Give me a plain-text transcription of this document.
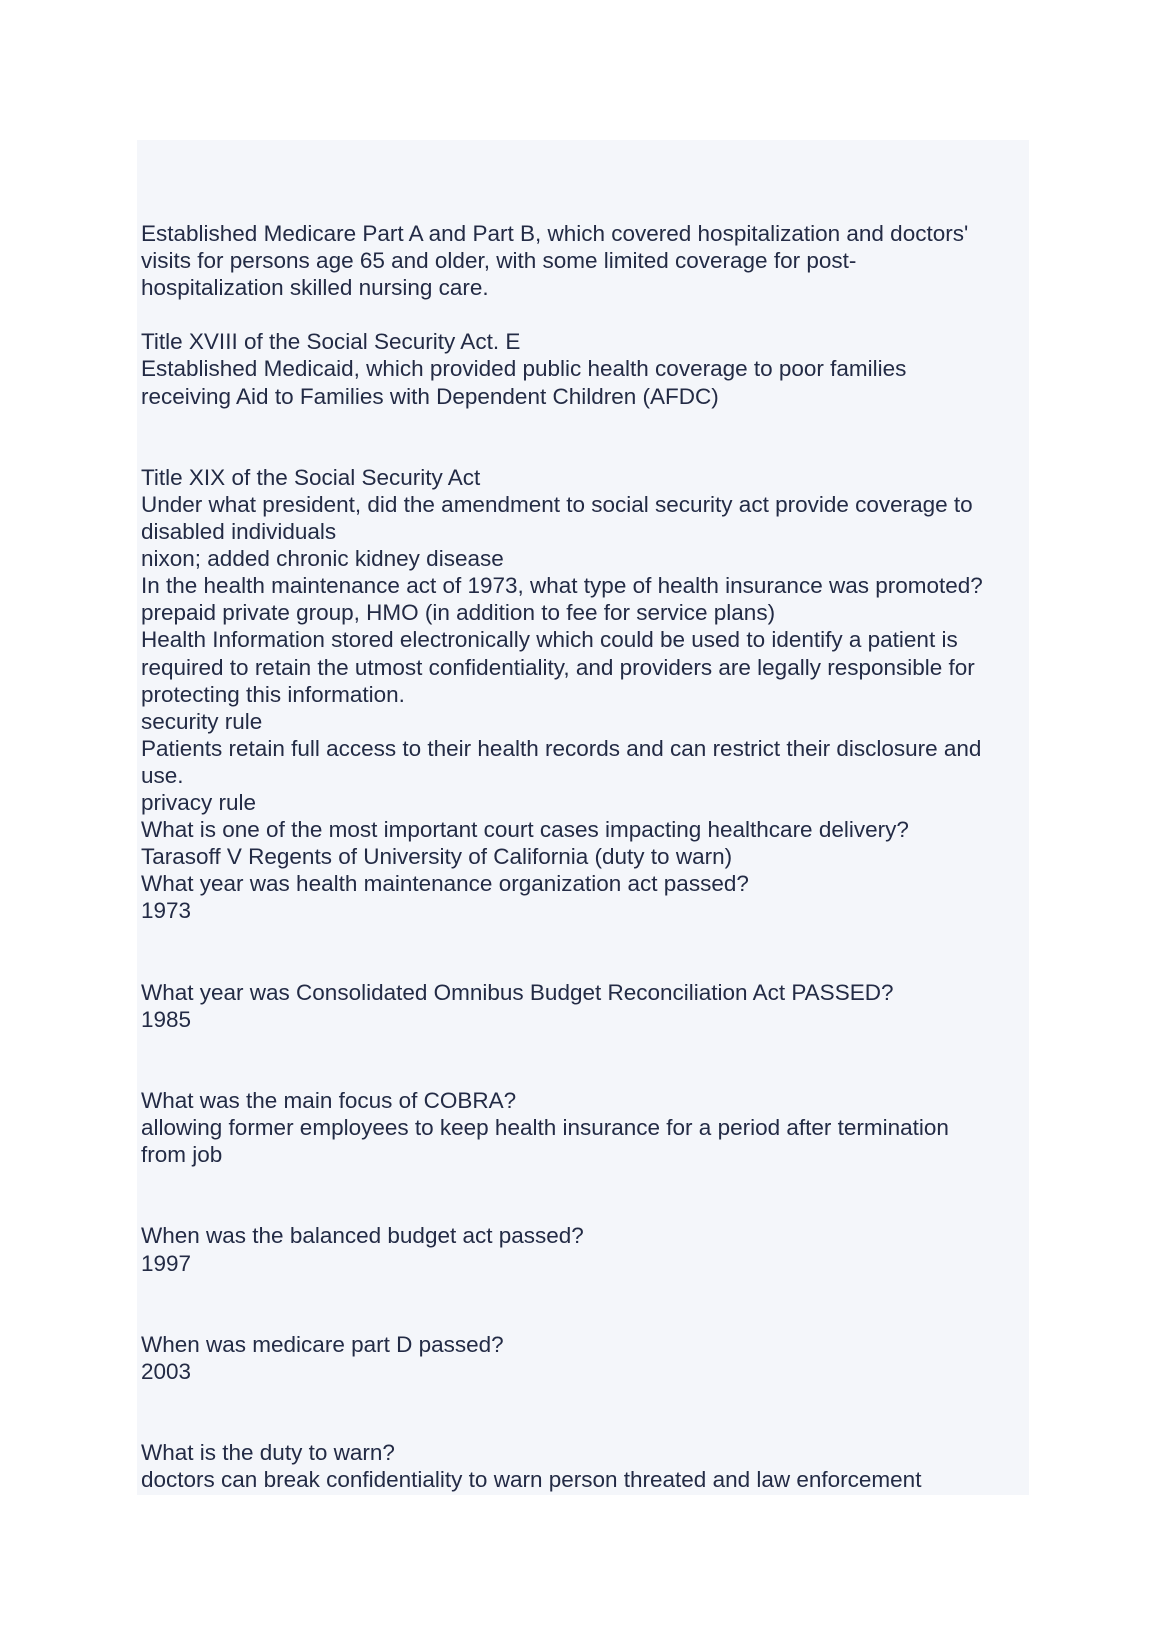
Established Medicare Part A and Part B, which covered hospitalization and doctors'
visits for persons age 65 and older, with some limited coverage for post-
hospitalization skilled nursing care.
Title XVIII of the Social Security Act. E
Established Medicaid, which provided public health coverage to poor families
receiving Aid to Families with Dependent Children (AFDC)
Title XIX of the Social Security Act
Under what president, did the amendment to social security act provide coverage to
disabled individuals
nixon; added chronic kidney disease
In the health maintenance act of 1973, what type of health insurance was promoted?
prepaid private group, HMO (in addition to fee for service plans)
Health Information stored electronically which could be used to identify a patient is
required to retain the utmost confidentiality, and providers are legally responsible for
protecting this information.
security rule
Patients retain full access to their health records and can restrict their disclosure and
use.
privacy rule
What is one of the most important court cases impacting healthcare delivery?
Tarasoff V Regents of University of California (duty to warn)
What year was health maintenance organization act passed?
1973
What year was Consolidated Omnibus Budget Reconciliation Act PASSED?
1985
What was the main focus of COBRA?
allowing former employees to keep health insurance for a period after termination
from job
When was the balanced budget act passed?
1997
When was medicare part D passed?
2003
What is the duty to warn?
doctors can break confidentiality to warn person threated and law enforcement
